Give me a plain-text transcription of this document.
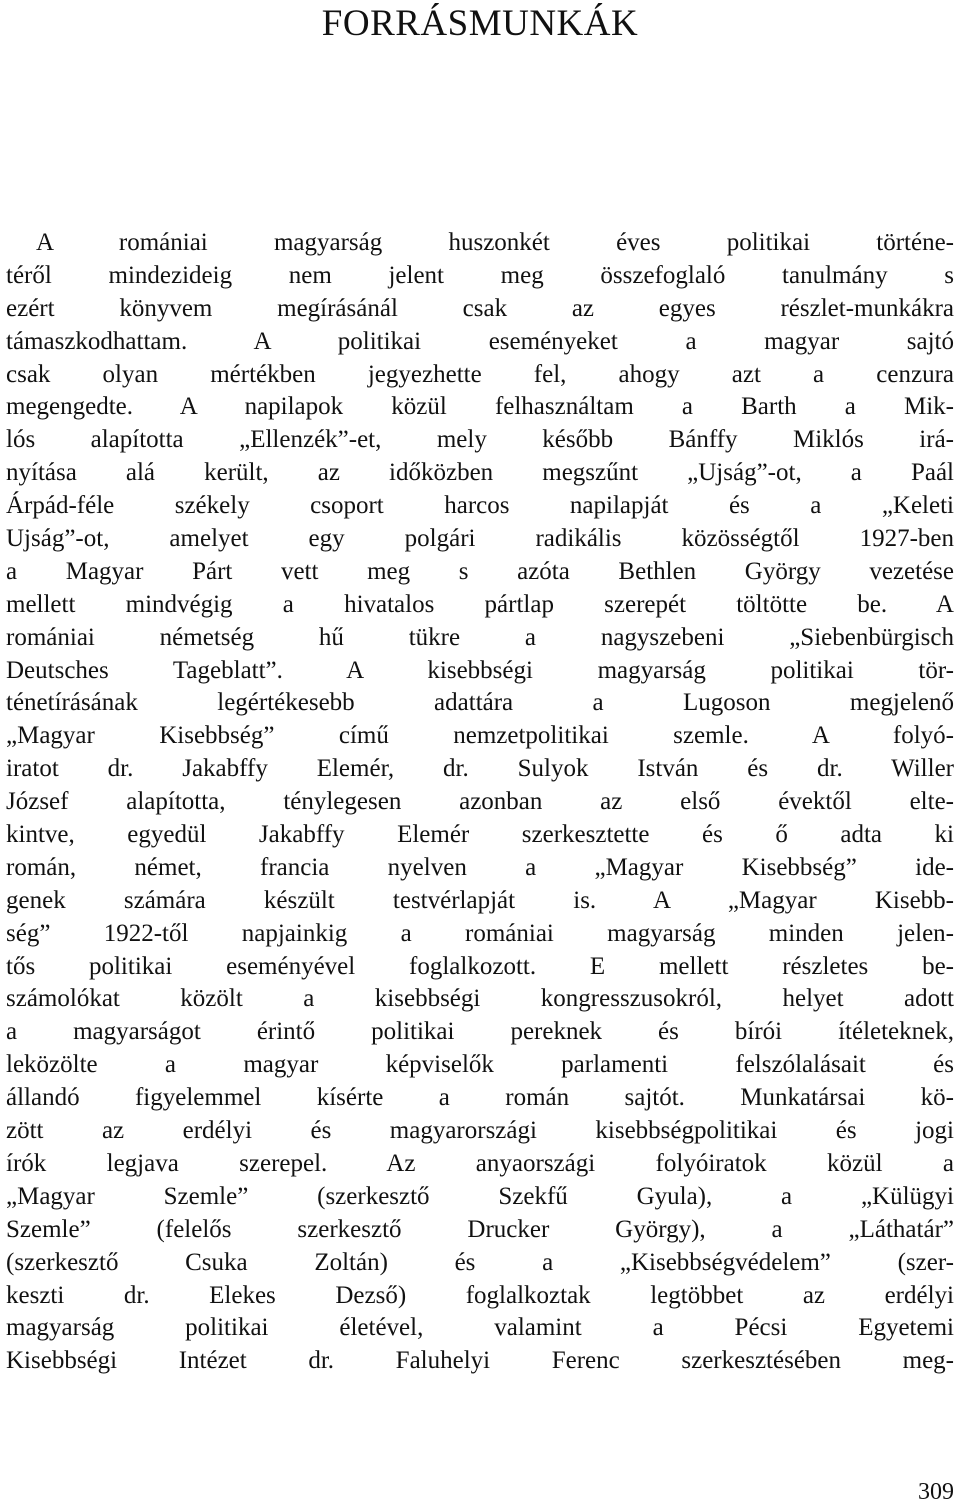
FORRÁSMUNKÁK
A romániai magyarság huszonkét éves politikai történe-
téről mindezideig nem jelent meg összefoglaló tanulmány s
ezért könyvem megírásánál csak az egyes részlet-munkákra
támaszkodhattam. A politikai eseményeket a magyar sajtó
csak olyan mértékben jegyezhette fel, ahogy azt a cenzura
megengedte. A napilapok közül felhasználtam a Barth a Mik-
lós alapította „Ellenzék”-et, mely később Bánffy Miklós irá-
nyítása alá került, az időközben megszűnt „Ujság”-ot, a Paál
Árpád-féle székely csoport harcos napilapját és a „Keleti
Ujság”-ot, amelyet egy polgári radikális közösségtől 1927-ben
a Magyar Párt vett meg s azóta Bethlen György vezetése
mellett mindvégig a hivatalos pártlap szerepét töltötte be. A
romániai németség hű tükre a nagyszebeni „Siebenbürgisch
Deutsches Tageblatt”. A kisebbségi magyarság politikai tör-
ténetírásának legértékesebb adattára a Lugoson megjelenő
„Magyar Kisebbség” című nemzetpolitikai szemle. A folyó-
iratot dr. Jakabffy Elemér, dr. Sulyok István és dr. Willer
József alapította, ténylegesen azonban az első évektől elte-
kintve, egyedül Jakabffy Elemér szerkesztette és ő adta ki
román, német, francia nyelven a „Magyar Kisebbség” ide-
genek számára készült testvérlapját is. A „Magyar Kisebb-
ség” 1922-től napjainkig a romániai magyarság minden jelen-
tős politikai eseményével foglalkozott. E mellett részletes be-
számolókat közölt a kisebbségi kongresszusokról, helyet adott
a magyarságot érintő politikai pereknek és bírói ítéleteknek,
leközölte a magyar képviselők parlamenti felszólalásait és
állandó figyelemmel kísérte a román sajtót. Munkatársai kö-
zött az erdélyi és magyarországi kisebbségpolitikai és jogi
írók legjava szerepel. Az anyaországi folyóiratok közül a
„Magyar Szemle” (szerkesztő Szekfű Gyula), a „Külügyi
Szemle” (felelős szerkesztő Drucker György), a „Láthatár”
(szerkesztő Csuka Zoltán) és a „Kisebbségvédelem” (szer-
keszti dr. Elekes Dezső) foglalkoztak legtöbbet az erdélyi
magyarság politikai életével, valamint a Pécsi Egyetemi
Kisebbségi Intézet dr. Faluhelyi Ferenc szerkesztésében meg-
309
